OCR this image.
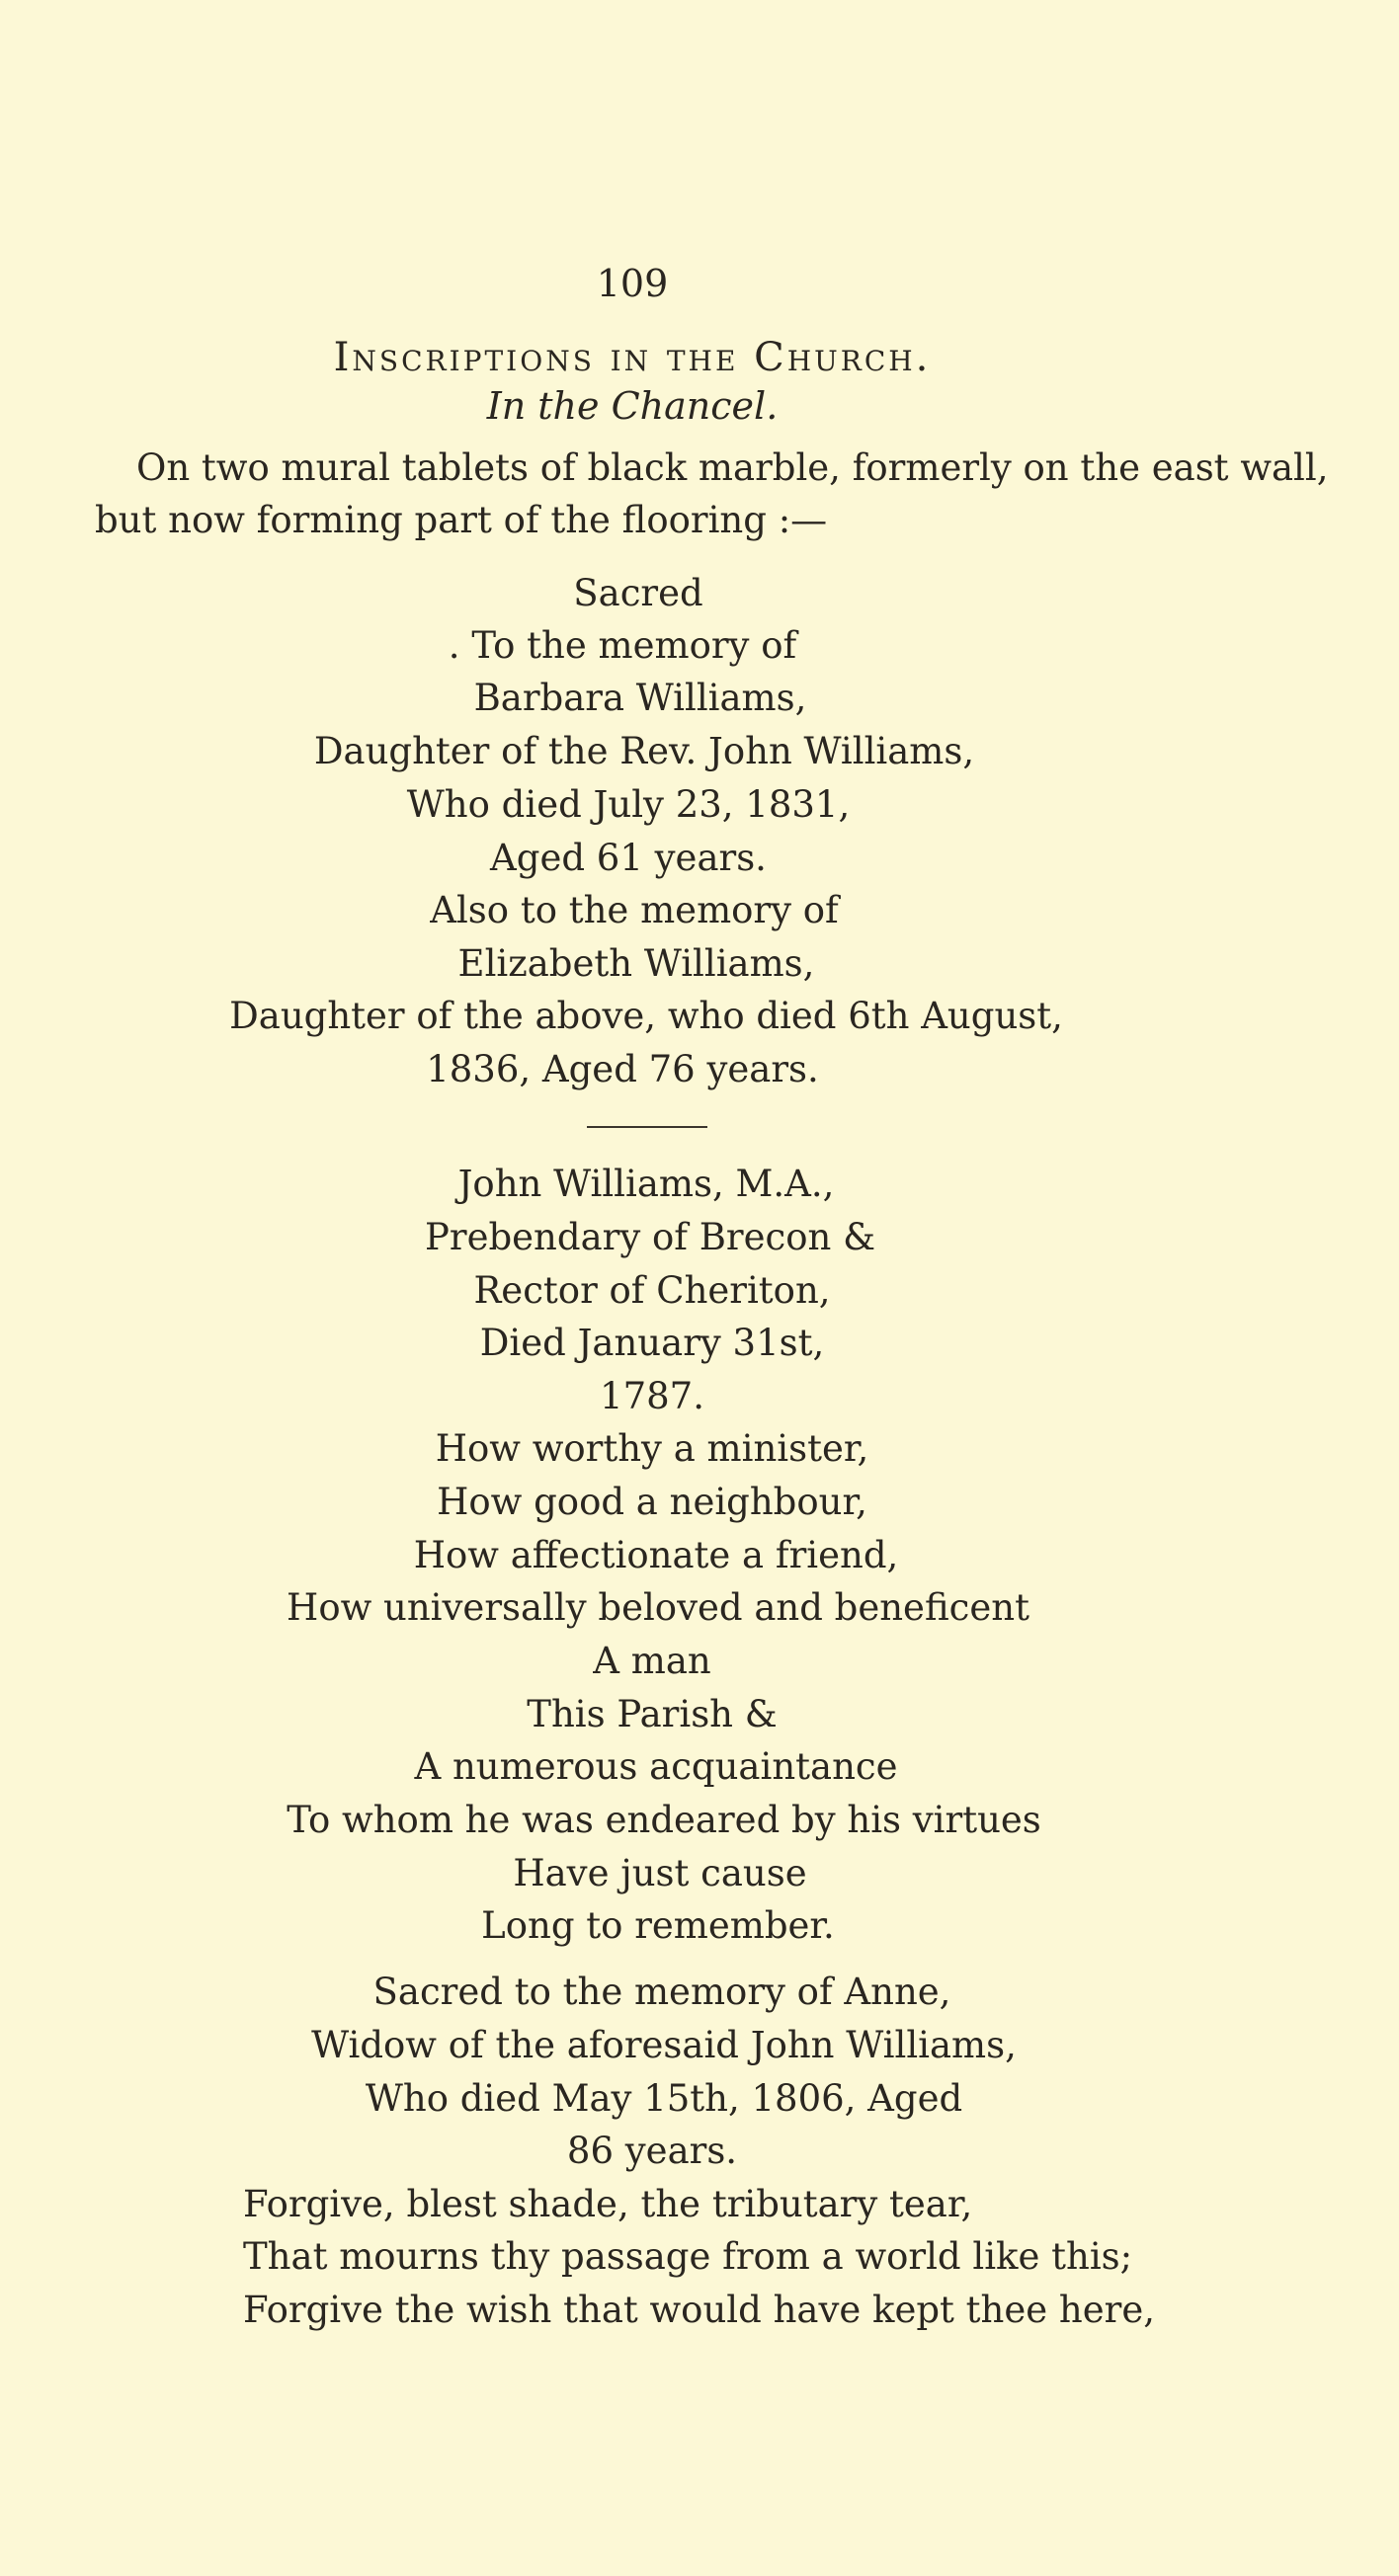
109
Inscriptions in the Church.
In the Chancel.
On two mural tablets of black marble, formerly on the east wall,
but now forming part of the flooring :—
Sacred
. To the memory of
Barbara Williams,
Daughter of the Rev. John Williams,
Who died July 23, 1831,
Aged 61 years.
Also to the memory of
Elizabeth Williams,
Daughter of the above, who died 6th August,
1836, Aged 76 years.
John Williams, M.A.,
Prebendary of Brecon &
Rector of Cheriton,
Died January 31st,
1787.
How worthy a minister,
How good a neighbour,
How affectionate a friend,
How universally beloved and beneficent
A man
This Parish &
A numerous acquaintance
To whom he was endeared by his virtues
Have just cause
Long to remember.
Sacred to the memory of Anne,
Widow of the aforesaid John Williams,
Who died May 15th, 1806, Aged
86 years.
Forgive, blest shade, the tributary tear,
That mourns thy passage from a world like this;
Forgive the wish that would have kept thee here,
